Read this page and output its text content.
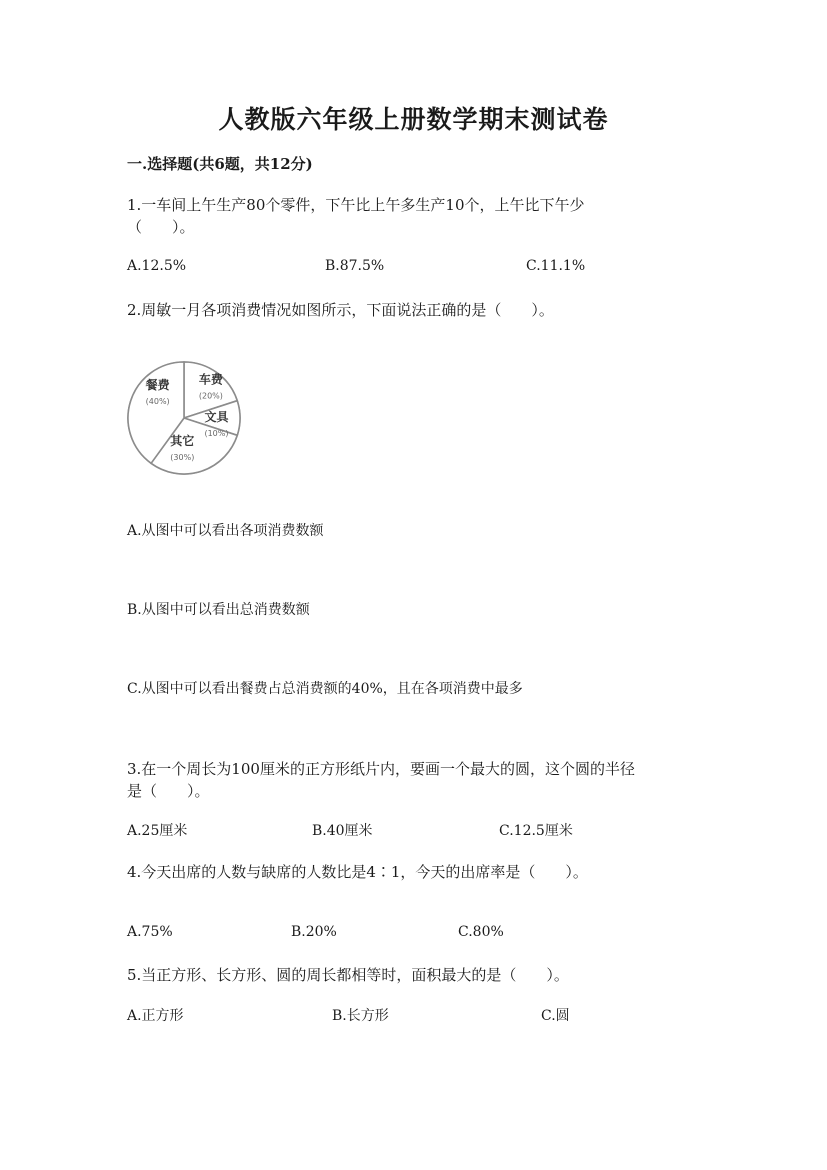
人教版六年级上册数学期末测试卷
一.选择题(共6题，共12分)
1.一车间上午生产80个零件，下午比上午多生产10个，上午比下午少
（　　）。
A.12.5%	B.87.5%	C.11.1%
2.周敏一月各项消费情况如图所示，下面说法正确的是（　　）。
车费
(20%)
文具
(10%)
其它
(30%)
餐费
(40%)
A.从图中可以看出各项消费数额
B.从图中可以看出总消费数额
C.从图中可以看出餐费占总消费额的40%，且在各项消费中最多
3.在一个周长为100厘米的正方形纸片内，要画一个最大的圆，这个圆的半径
是（　　）。
A.25厘米	B.40厘米	C.12.5厘米
4.今天出席的人数与缺席的人数比是4∶1，今天的出席率是（　　）。
A.75%	B.20%	C.80%
5.当正方形、长方形、圆的周长都相等时，面积最大的是（　　）。
A.正方形	B.长方形	C.圆
